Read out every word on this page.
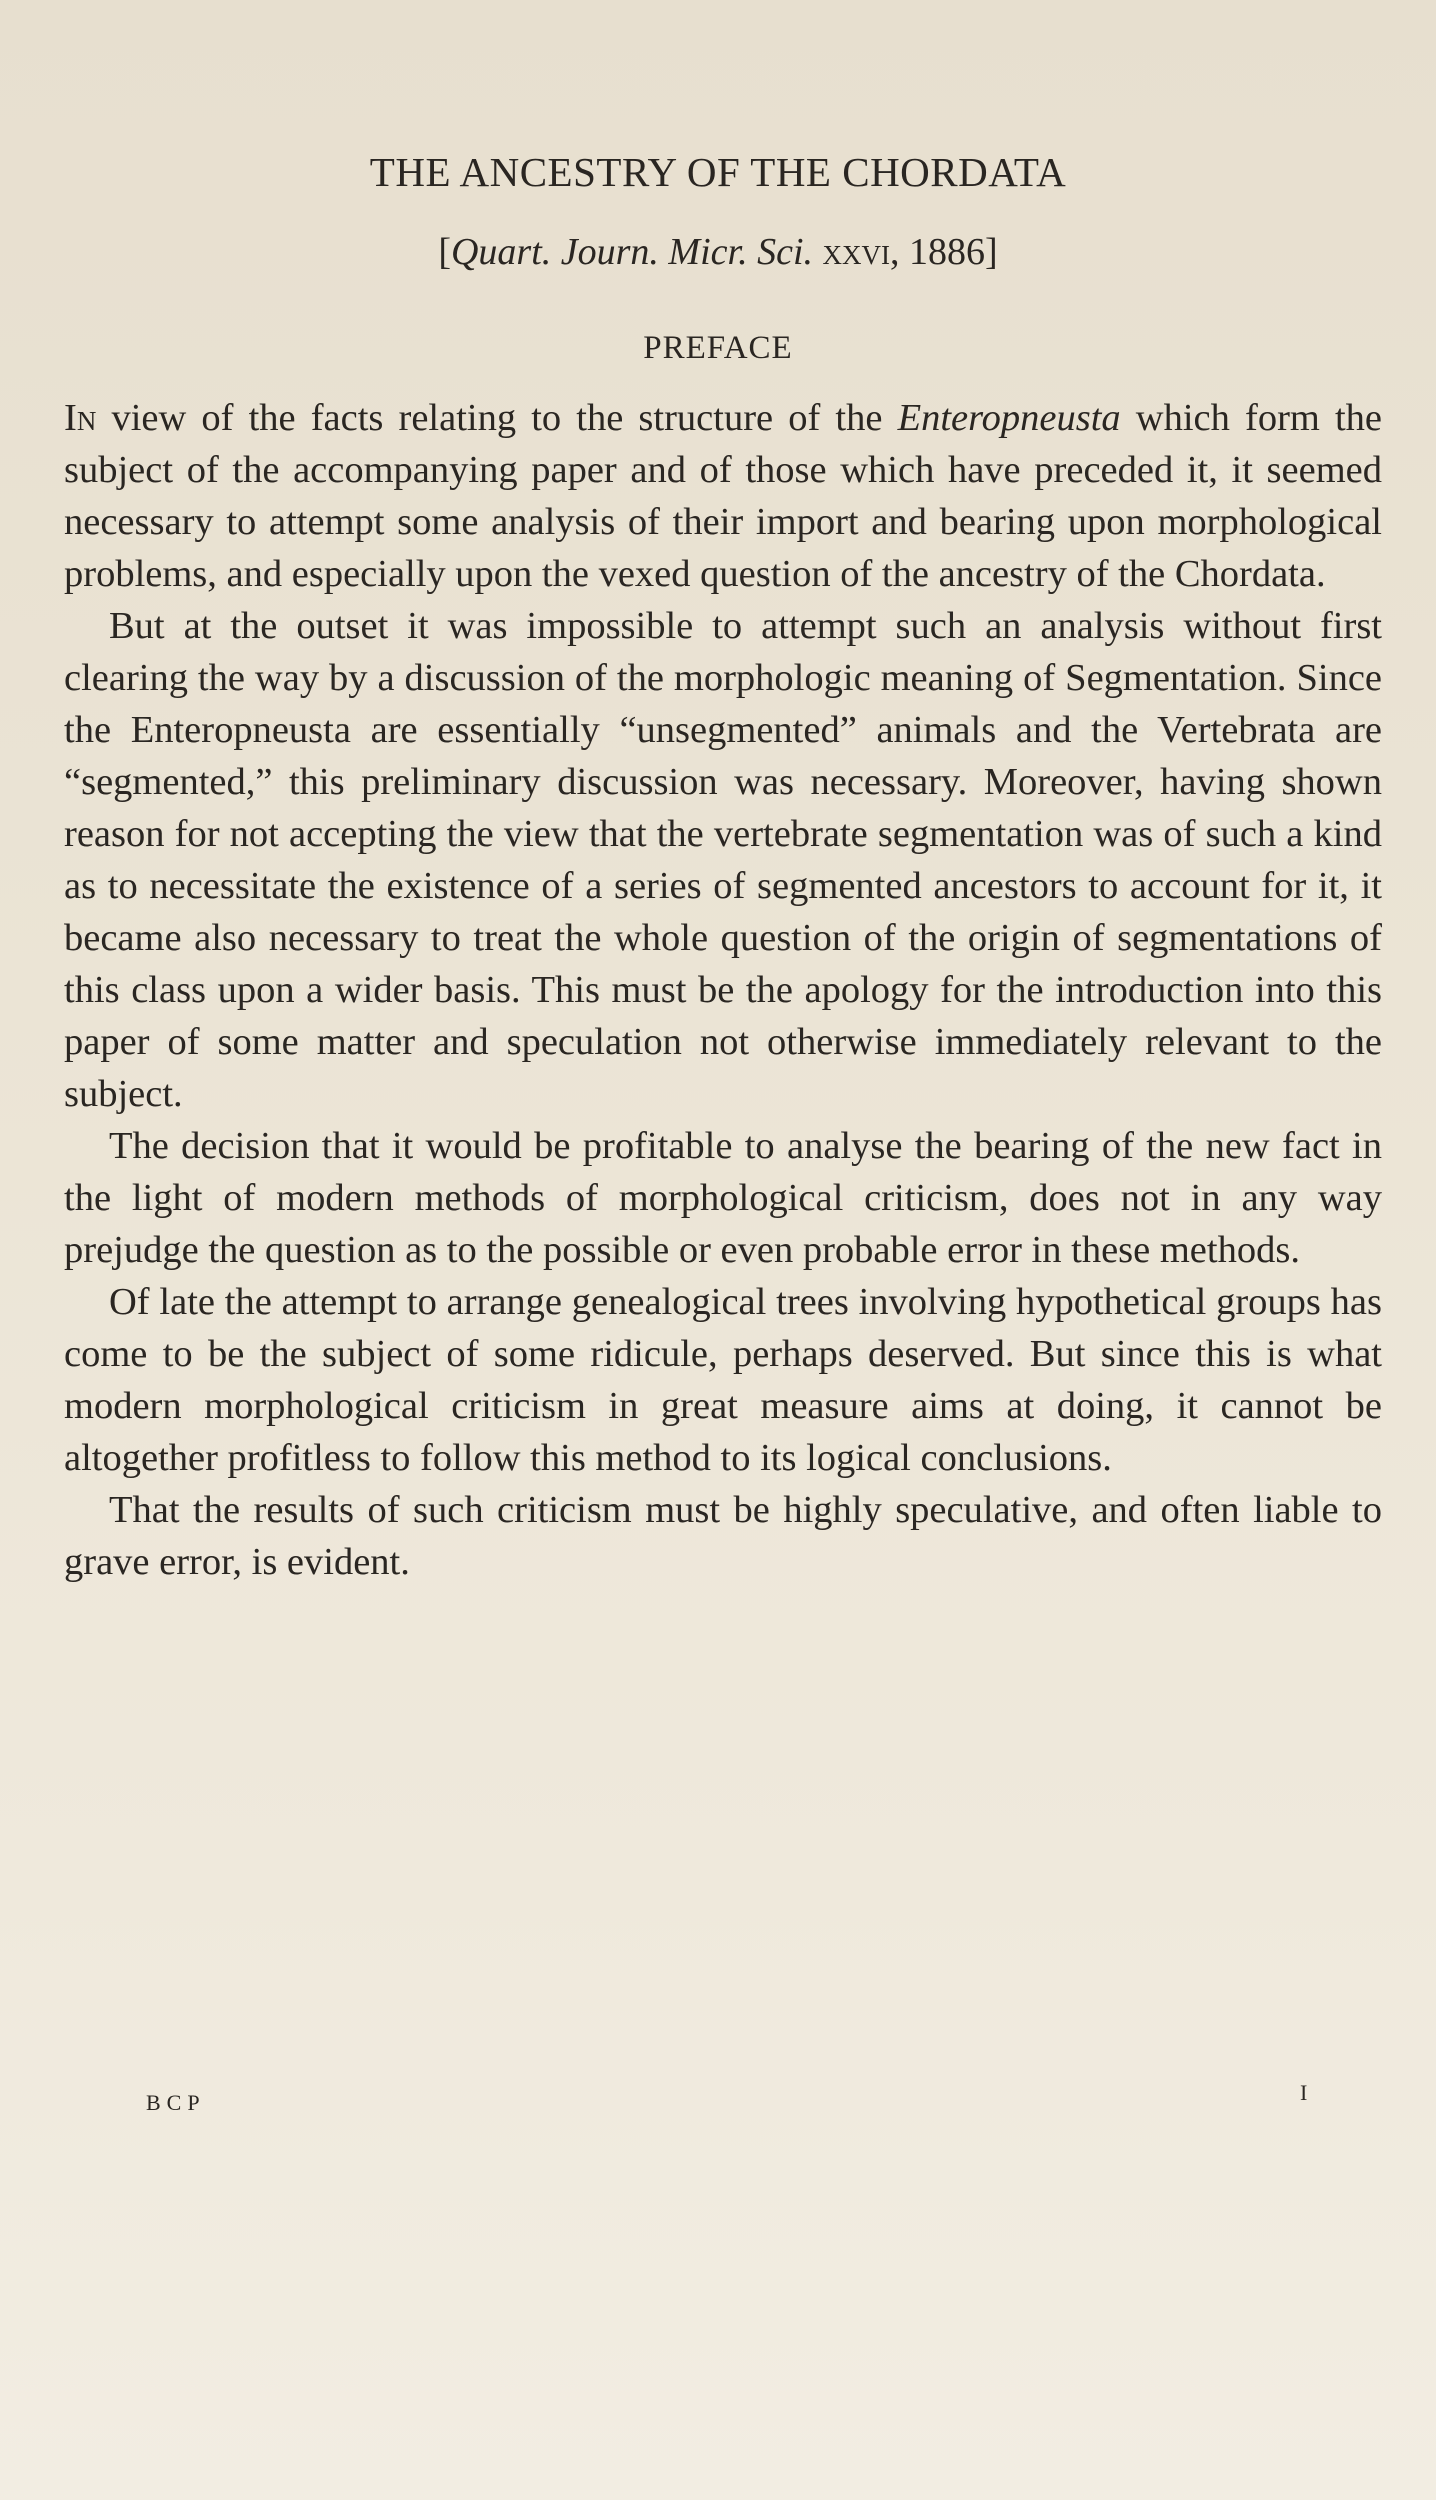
THE ANCESTRY OF THE CHORDATA
[Quart. Journ. Micr. Sci. xxvi, 1886]
PREFACE

In view of the facts relating to the structure of the Enteropneusta which form the subject of the accompanying paper and of those which have preceded it, it seemed necessary to attempt some analysis of their import and bearing upon morphological problems, and especially upon the vexed question of the ancestry of the Chordata.

But at the outset it was impossible to attempt such an analysis without first clearing the way by a discussion of the morphologic meaning of Segmentation. Since the Enteropneusta are essentially “unsegmented” animals and the Vertebrata are “segmented,” this preliminary discussion was necessary. Moreover, having shown reason for not accepting the view that the vertebrate segmentation was of such a kind as to necessitate the existence of a series of segmented ancestors to account for it, it became also necessary to treat the whole question of the origin of segmentations of this class upon a wider basis. This must be the apology for the introduction into this paper of some matter and speculation not otherwise immediately relevant to the subject.

The decision that it would be profitable to analyse the bearing of the new fact in the light of modern methods of morphological criticism, does not in any way prejudge the question as to the possible or even probable error in these methods.

Of late the attempt to arrange genealogical trees involving hypothetical groups has come to be the subject of some ridicule, perhaps deserved. But since this is what modern morphological criticism in great measure aims at doing, it cannot be altogether profitless to follow this method to its logical conclusions.

That the results of such criticism must be highly speculative, and often liable to grave error, is evident.

BCP	I
